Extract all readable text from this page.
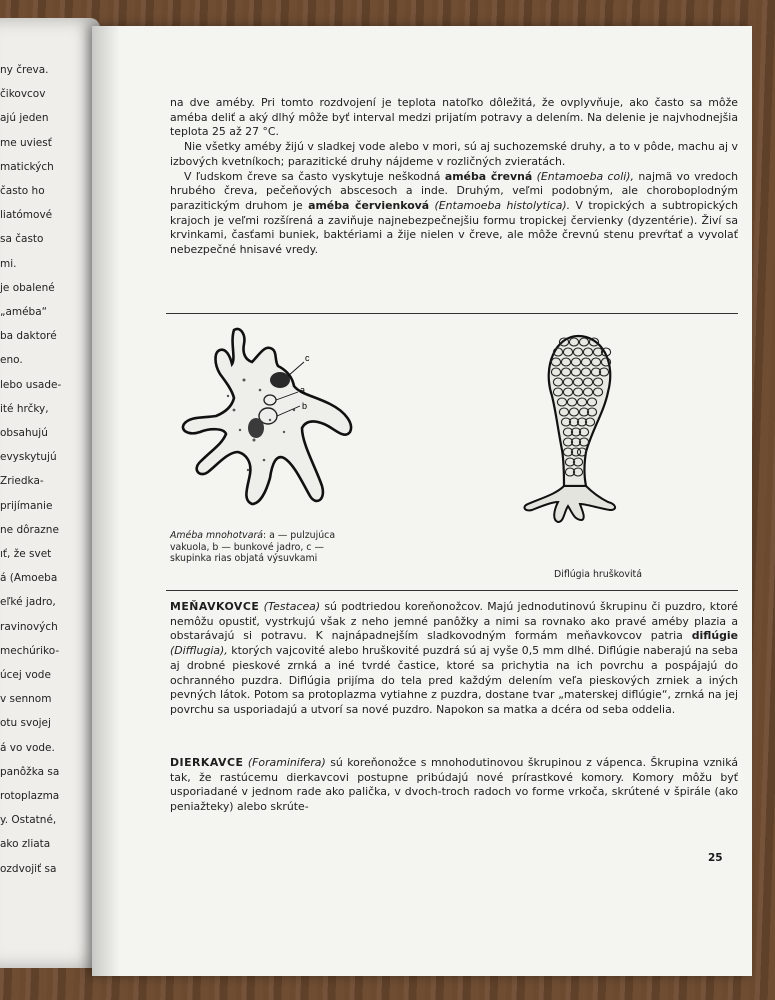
ny čreva.
čikovcov
ajú jeden
me uviesť
matických
často ho
liatómové
sa často
mi.
je obalené
„améba“
ba daktoré
eno.
lebo usade-
ité hrčky,
obsahujú
evyskytujú
Zriedka-
prijímanie
ne dôrazne
ıť, že svet
á (Amoeba
eľké jadro,
ravinových
mechúriko-
úcej vode
v sennom
otu svojej
á vo vode.
panôžka sa
rotoplazma
y. Ostatné,
ako zliata
ozdvojiť sa

na dve améby. Pri tomto rozdvojení je teplota natoľko dôležitá, že ovplyvňuje, ako často sa môže améba deliť a aký dlhý môže byť interval medzi prijatím potravy a delením. Na delenie je najvhodnejšia teplota 25 až 27 °C.

Nie všetky améby žijú v sladkej vode alebo v mori, sú aj suchozemské druhy, a to v pôde, machu aj v izbových kvetníkoch; parazitické druhy nájdeme v rozličných zvieratách.

V ľudskom čreve sa často vyskytuje neškodná améba črevná (Entamoeba coli), najmä vo vredoch hrubého čreva, pečeňových abscesoch a inde. Druhým, veľmi podobným, ale choroboplodným parazitickým druhom je améba červienková (Entamoeba histolytica). V tropických a subtropických krajoch je veľmi rozšírená a zaviňuje najnebezpečnejšiu formu tropickej červienky (dyzentérie). Živí sa krvinkami, časťami buniek, baktériami a žije nielen v čreve, ale môže črevnú stenu prevŕtať a vyvolať nebezpečné hnisavé vredy.

c
a
b
Améba mnohotvará: a — pulzujúca vakuola, b — bunkové jadro, c — skupinka rias objatá výsuvkami
Diflúgia hruškovitá

MEŇAVKOVCE (Testacea) sú podtriedou koreňonožcov. Majú jednodutinovú škrupinu či puzdro, ktoré nemôžu opustiť, vystrkujú však z neho jemné panôžky a nimi sa rovnako ako pravé améby plazia a obstarávajú si potravu. K najnápadnejším sladkovodným formám meňavkovcov patria diflúgie (Difflugia), ktorých vajcovité alebo hruškovité puzdrá sú aj vyše 0,5 mm dlhé. Diflúgie naberajú na seba aj drobné pieskové zrnká a iné tvrdé častice, ktoré sa prichytia na ich povrchu a pospájajú do ochranného puzdra. Diflúgia prijíma do tela pred každým delením veľa pieskových zrniek a iných pevných látok. Potom sa protoplazma vytiahne z puzdra, dostane tvar „materskej diflúgie“, zrnká na jej povrchu sa usporiadajú a utvorí sa nové puzdro. Napokon sa matka a dcéra od seba oddelia.

DIERKAVCE (Foraminifera) sú koreňonožce s mnohodutinovou škrupinou z vápenca. Škrupina vzniká tak, že rastúcemu dierkavcovi postupne pribúdajú nové prírastkové komory. Komory môžu byť usporiadané v jednom rade ako palička, v dvoch-troch radoch vo forme vrkoča, skrútené v špirále (ako peniažteky) alebo skrúte-

25
